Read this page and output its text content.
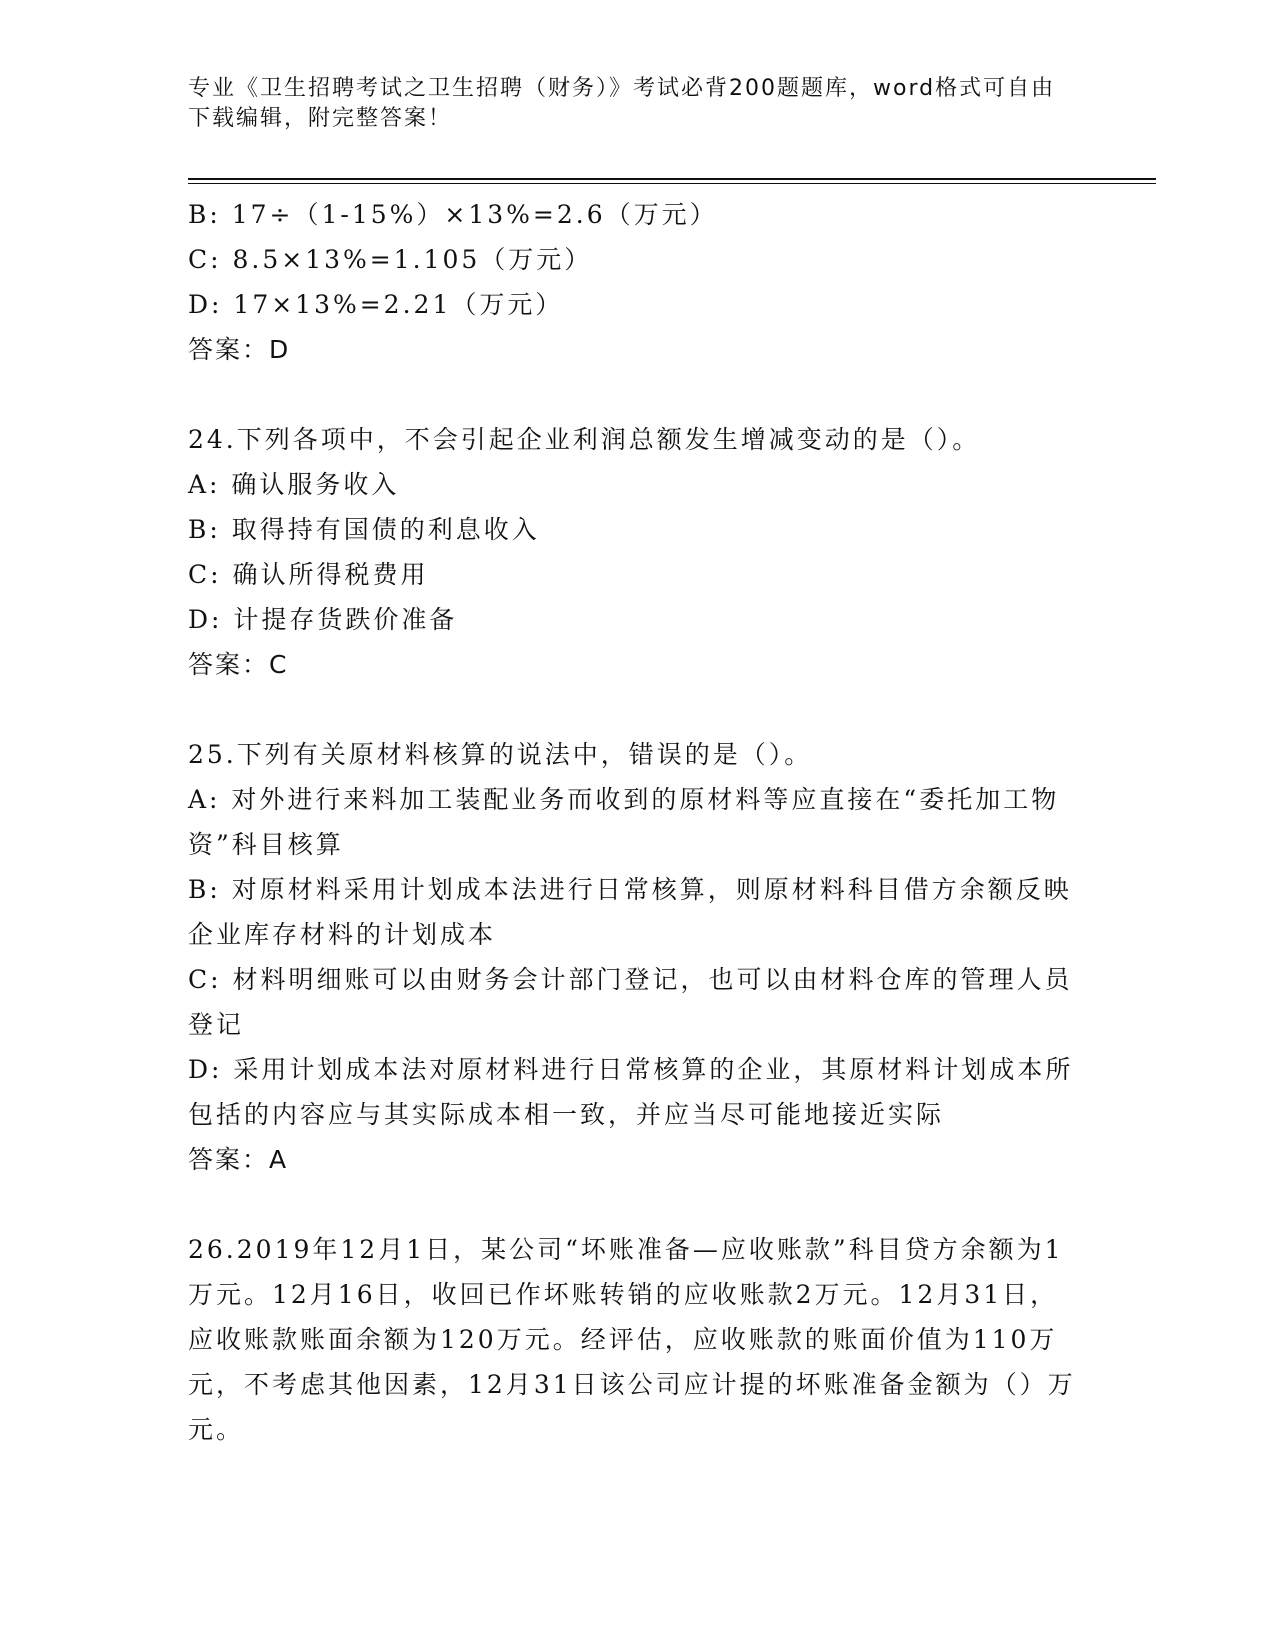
专业《卫生招聘考试之卫生招聘（财务）》考试必背200题题库，word格式可自由下载编辑，附完整答案！
B: 17÷（1-15%）×13%=2.6（万元）
C: 8.5×13%=1.105（万元）
D: 17×13%=2.21（万元）
答案：D
24.下列各项中，不会引起企业利润总额发生增减变动的是（）。
A: 确认服务收入
B: 取得持有国债的利息收入
C: 确认所得税费用
D: 计提存货跌价准备
答案：C
25.下列有关原材料核算的说法中，错误的是（）。
A: 对外进行来料加工装配业务而收到的原材料等应直接在“委托加工物资”科目核算
B: 对原材料采用计划成本法进行日常核算，则原材料科目借方余额反映企业库存材料的计划成本
C: 材料明细账可以由财务会计部门登记，也可以由材料仓库的管理人员登记
D: 采用计划成本法对原材料进行日常核算的企业，其原材料计划成本所包括的内容应与其实际成本相一致，并应当尽可能地接近实际
答案：A
26.2019年12月1日，某公司“坏账准备—应收账款”科目贷方余额为1万元。12月16日，收回已作坏账转销的应收账款2万元。12月31日，应收账款账面余额为120万元。经评估，应收账款的账面价值为110万元，不考虑其他因素，12月31日该公司应计提的坏账准备金额为（）万元。
